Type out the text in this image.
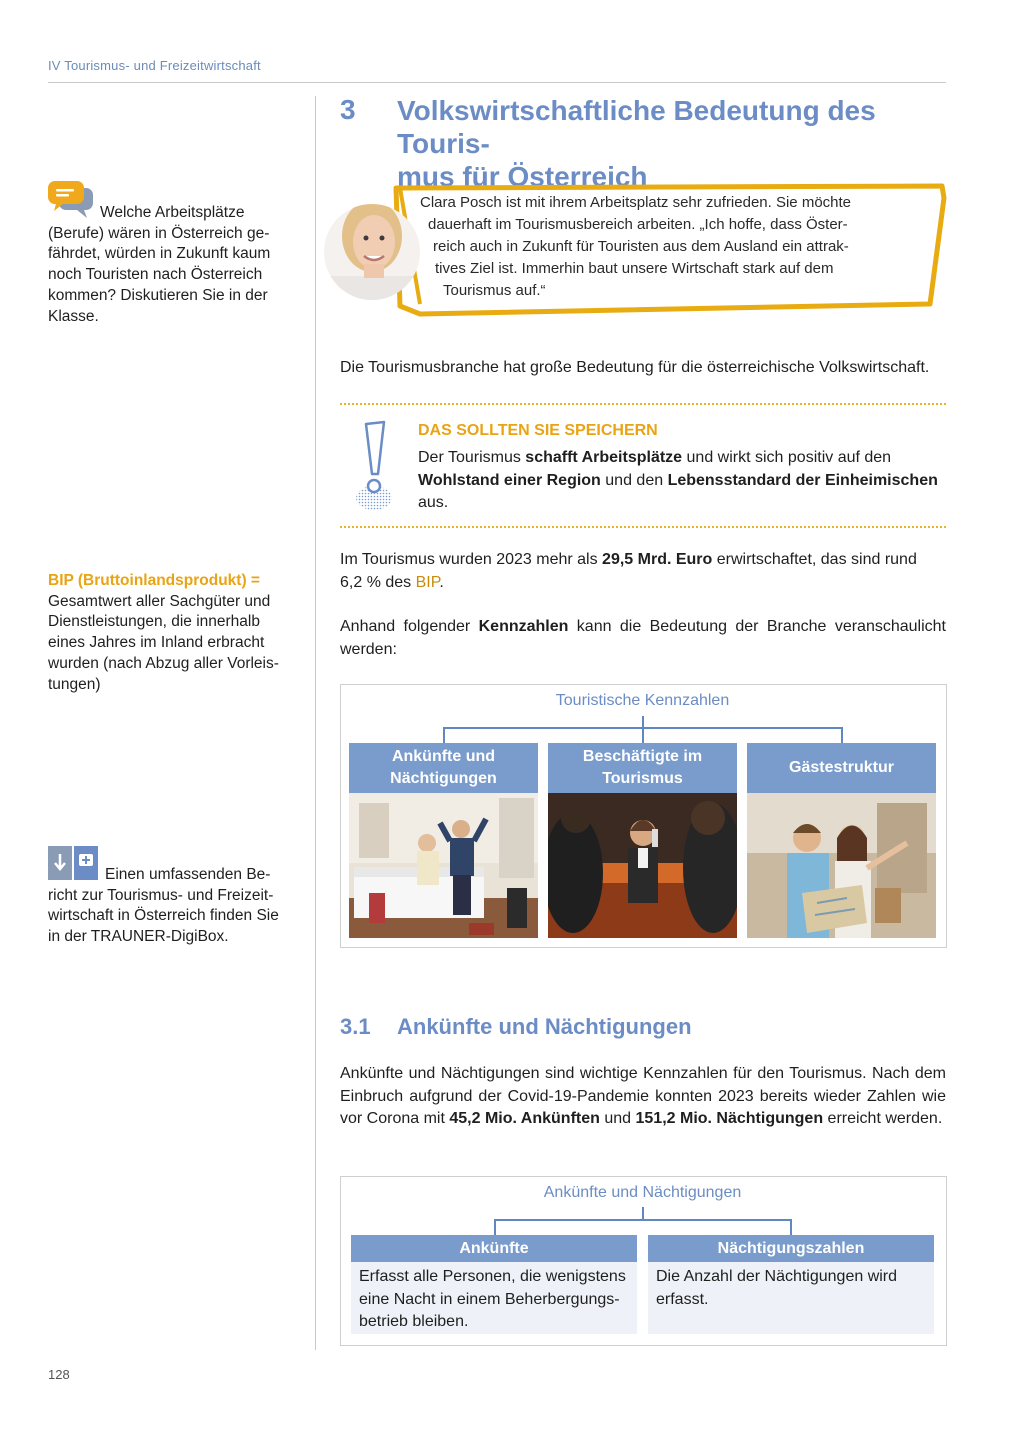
IV Tourismus- und Freizeitwirtschaft
Welche Arbeitsplätze
(Berufe) wären in Österreich ge-
fährdet, würden in Zukunft kaum
noch Touristen nach Österreich
kommen? Diskutieren Sie in der
Klasse.
BIP (Bruttoinlandsprodukt) =
Gesamtwert aller Sachgüter und
Dienstleistungen, die innerhalb
eines Jahres im Inland erbracht
wurden (nach Abzug aller Vorleis-
tungen)
Einen umfassenden Be-
richt zur Tourismus- und Freizeit-
wirtschaft in Österreich finden Sie
in der TRAUNER-DigiBox.
3 Volkswirtschaftliche Bedeutung des Touris-
mus für Österreich
Clara Posch ist mit ihrem Arbeitsplatz sehr zufrieden. Sie möchte
dauerhaft im Tourismusbereich arbeiten. „Ich hoffe, dass Öster-
reich auch in Zukunft für Touristen aus dem Ausland ein attrak-
tives Ziel ist. Immerhin baut unsere Wirtschaft stark auf dem
Tourismus auf.“
Die Tourismusbranche hat große Bedeutung für die österreichische Volkswirtschaft.
DAS SOLLTEN SIE SPEICHERN
Der Tourismus schafft Arbeitsplätze und wirkt sich positiv auf den
Wohlstand einer Region und den Lebensstandard der Einheimischen
aus.
Im Tourismus wurden 2023 mehr als 29,5 Mrd. Euro erwirtschaftet, das sind rund
6,2 % des BIP.
Anhand folgender Kennzahlen kann die Bedeutung der Branche veranschaulicht werden:
Touristische Kennzahlen
Ankünfte und
Nächtigungen
Beschäftigte im
Tourismus
Gästestruktur
3.1 Ankünfte und Nächtigungen
Ankünfte und Nächtigungen sind wichtige Kennzahlen für den Tourismus. Nach dem Einbruch aufgrund der Covid-19-Pandemie konnten 2023 bereits wieder Zahlen wie vor Corona mit 45,2 Mio. Ankünften und 151,2 Mio. Nächtigungen erreicht werden.
Ankünfte und Nächtigungen
Ankünfte	Nächtigungszahlen
Erfasst alle Personen, die wenigstens
eine Nacht in einem Beherbergungs-
betrieb bleiben.
Die Anzahl der Nächtigungen wird
erfasst.
128
